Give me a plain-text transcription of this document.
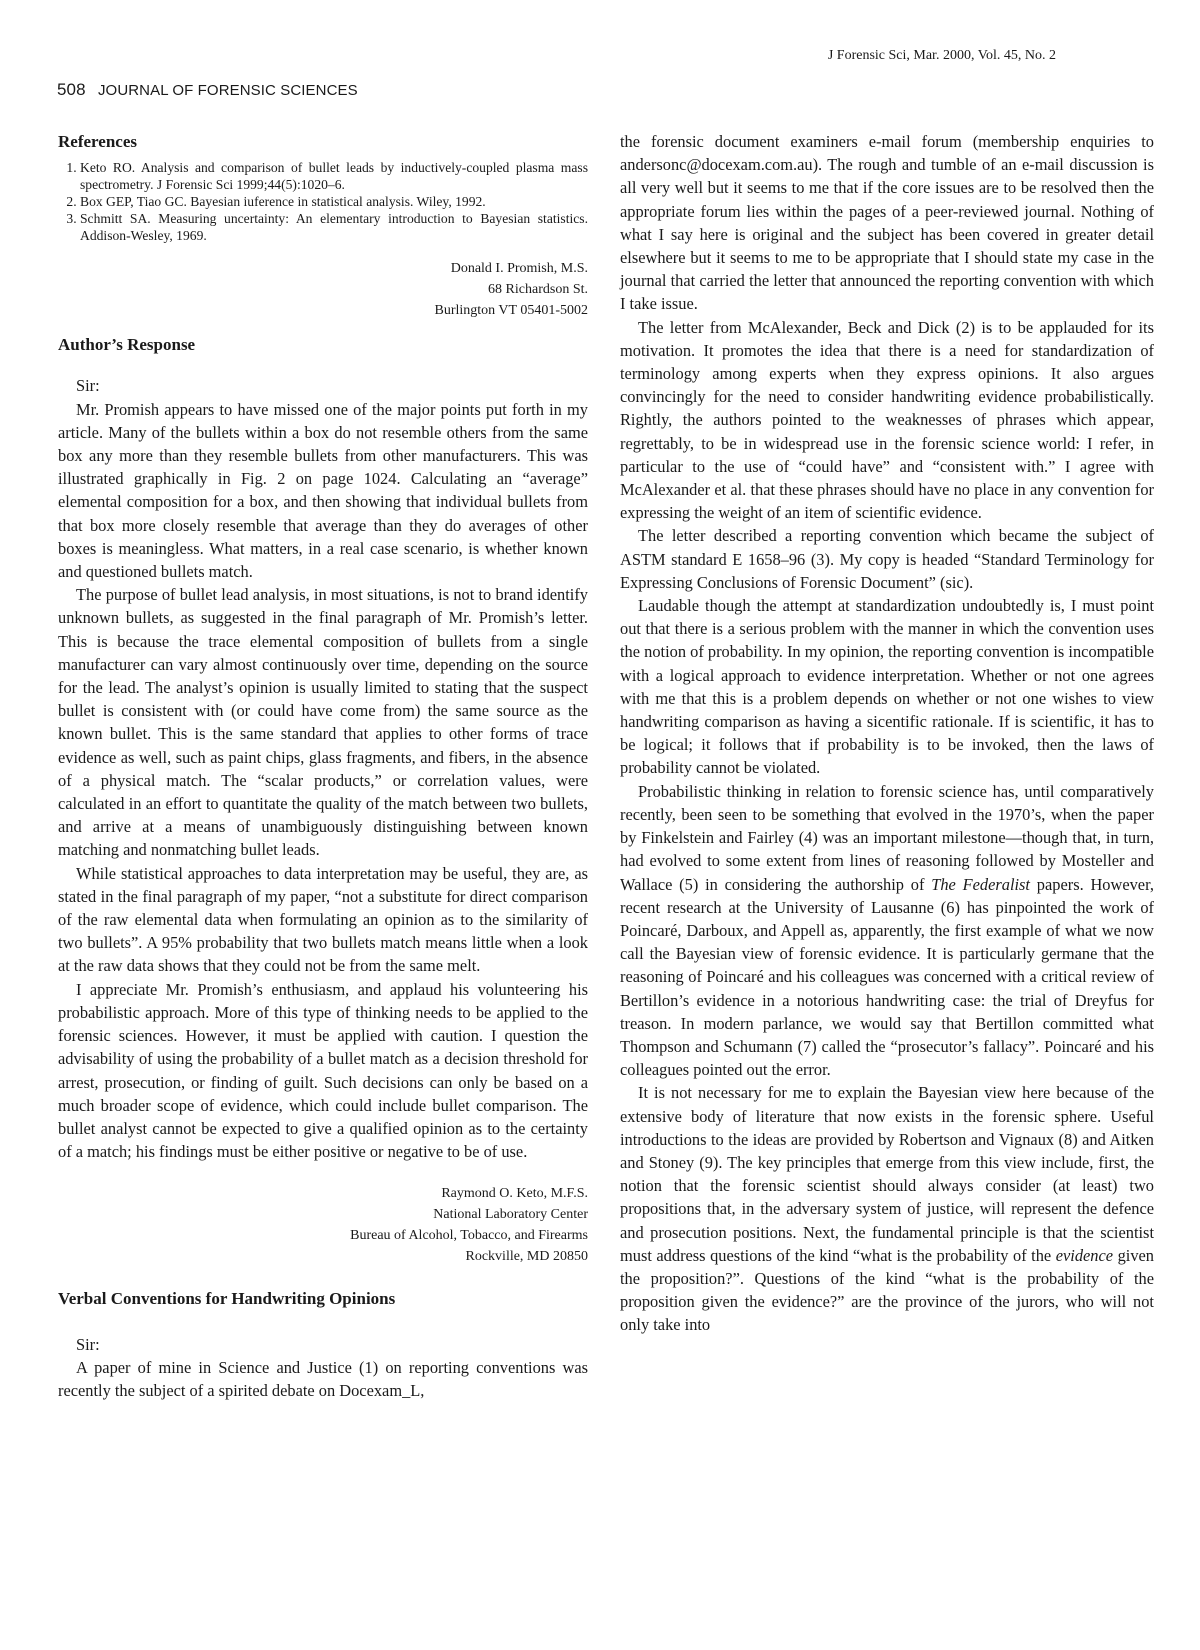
J Forensic Sci, Mar. 2000, Vol. 45, No. 2
508 JOURNAL OF FORENSIC SCIENCES
References
1. Keto RO. Analysis and comparison of bullet leads by inductively-coupled plasma mass spectrometry. J Forensic Sci 1999;44(5):1020–6.
2. Box GEP, Tiao GC. Bayesian iuference in statistical analysis. Wiley, 1992.
3. Schmitt SA. Measuring uncertainty: An elementary introduction to Bayesian statistics. Addison-Wesley, 1969.
Donald I. Promish, M.S.
68 Richardson St.
Burlington VT 05401-5002
Author’s Response

Sir:

Mr. Promish appears to have missed one of the major points put forth in my article. Many of the bullets within a box do not resemble others from the same box any more than they resemble bullets from other manufacturers. This was illustrated graphically in Fig. 2 on page 1024. Calculating an “average” elemental composition for a box, and then showing that individual bullets from that box more closely resemble that average than they do averages of other boxes is meaningless. What matters, in a real case scenario, is whether known and questioned bullets match.

The purpose of bullet lead analysis, in most situations, is not to brand identify unknown bullets, as suggested in the final paragraph of Mr. Promish’s letter. This is because the trace elemental composition of bullets from a single manufacturer can vary almost continuously over time, depending on the source for the lead. The analyst’s opinion is usually limited to stating that the suspect bullet is consistent with (or could have come from) the same source as the known bullet. This is the same standard that applies to other forms of trace evidence as well, such as paint chips, glass fragments, and fibers, in the absence of a physical match. The “scalar products,” or correlation values, were calculated in an effort to quantitate the quality of the match between two bullets, and arrive at a means of unambiguously distinguishing between known matching and nonmatching bullet leads.

While statistical approaches to data interpretation may be useful, they are, as stated in the final paragraph of my paper, “not a substitute for direct comparison of the raw elemental data when formulating an opinion as to the similarity of two bullets”. A 95% probability that two bullets match means little when a look at the raw data shows that they could not be from the same melt.

I appreciate Mr. Promish’s enthusiasm, and applaud his volunteering his probabilistic approach. More of this type of thinking needs to be applied to the forensic sciences. However, it must be applied with caution. I question the advisability of using the probability of a bullet match as a decision threshold for arrest, prosecution, or finding of guilt. Such decisions can only be based on a much broader scope of evidence, which could include bullet comparison. The bullet analyst cannot be expected to give a qualified opinion as to the certainty of a match; his findings must be either positive or negative to be of use.

Raymond O. Keto, M.F.S.
National Laboratory Center
Bureau of Alcohol, Tobacco, and Firearms
Rockville, MD 20850
Verbal Conventions for Handwriting Opinions

Sir:

A paper of mine in Science and Justice (1) on reporting conventions was recently the subject of a spirited debate on Docexam_L,

the forensic document examiners e-mail forum (membership enquiries to andersonc@docexam.com.au). The rough and tumble of an e-mail discussion is all very well but it seems to me that if the core issues are to be resolved then the appropriate forum lies within the pages of a peer-reviewed journal. Nothing of what I say here is original and the subject has been covered in greater detail elsewhere but it seems to me to be appropriate that I should state my case in the journal that carried the letter that announced the reporting convention with which I take issue.

The letter from McAlexander, Beck and Dick (2) is to be applauded for its motivation. It promotes the idea that there is a need for standardization of terminology among experts when they express opinions. It also argues convincingly for the need to consider handwriting evidence probabilistically. Rightly, the authors pointed to the weaknesses of phrases which appear, regrettably, to be in widespread use in the forensic science world: I refer, in particular to the use of “could have” and “consistent with.” I agree with McAlexander et al. that these phrases should have no place in any convention for expressing the weight of an item of scientific evidence.

The letter described a reporting convention which became the subject of ASTM standard E 1658–96 (3). My copy is headed “Standard Terminology for Expressing Conclusions of Forensic Document” (sic).

Laudable though the attempt at standardization undoubtedly is, I must point out that there is a serious problem with the manner in which the convention uses the notion of probability. In my opinion, the reporting convention is incompatible with a logical approach to evidence interpretation. Whether or not one agrees with me that this is a problem depends on whether or not one wishes to view handwriting comparison as having a sicentific rationale. If is scientific, it has to be logical; it follows that if probability is to be invoked, then the laws of probability cannot be violated.

Probabilistic thinking in relation to forensic science has, until comparatively recently, been seen to be something that evolved in the 1970’s, when the paper by Finkelstein and Fairley (4) was an important milestone—though that, in turn, had evolved to some extent from lines of reasoning followed by Mosteller and Wallace (5) in considering the authorship of The Federalist papers. However, recent research at the University of Lausanne (6) has pinpointed the work of Poincaré, Darboux, and Appell as, apparently, the first example of what we now call the Bayesian view of forensic evidence. It is particularly germane that the reasoning of Poincaré and his colleagues was concerned with a critical review of Bertillon’s evidence in a notorious handwriting case: the trial of Dreyfus for treason. In modern parlance, we would say that Bertillon committed what Thompson and Schumann (7) called the “prosecutor’s fallacy”. Poincaré and his colleagues pointed out the error.

It is not necessary for me to explain the Bayesian view here because of the extensive body of literature that now exists in the forensic sphere. Useful introductions to the ideas are provided by Robertson and Vignaux (8) and Aitken and Stoney (9). The key principles that emerge from this view include, first, the notion that the forensic scientist should always consider (at least) two propositions that, in the adversary system of justice, will represent the defence and prosecution positions. Next, the fundamental principle is that the scientist must address questions of the kind “what is the probability of the evidence given the proposition?”. Questions of the kind “what is the probability of the proposition given the evidence?” are the province of the jurors, who will not only take into
